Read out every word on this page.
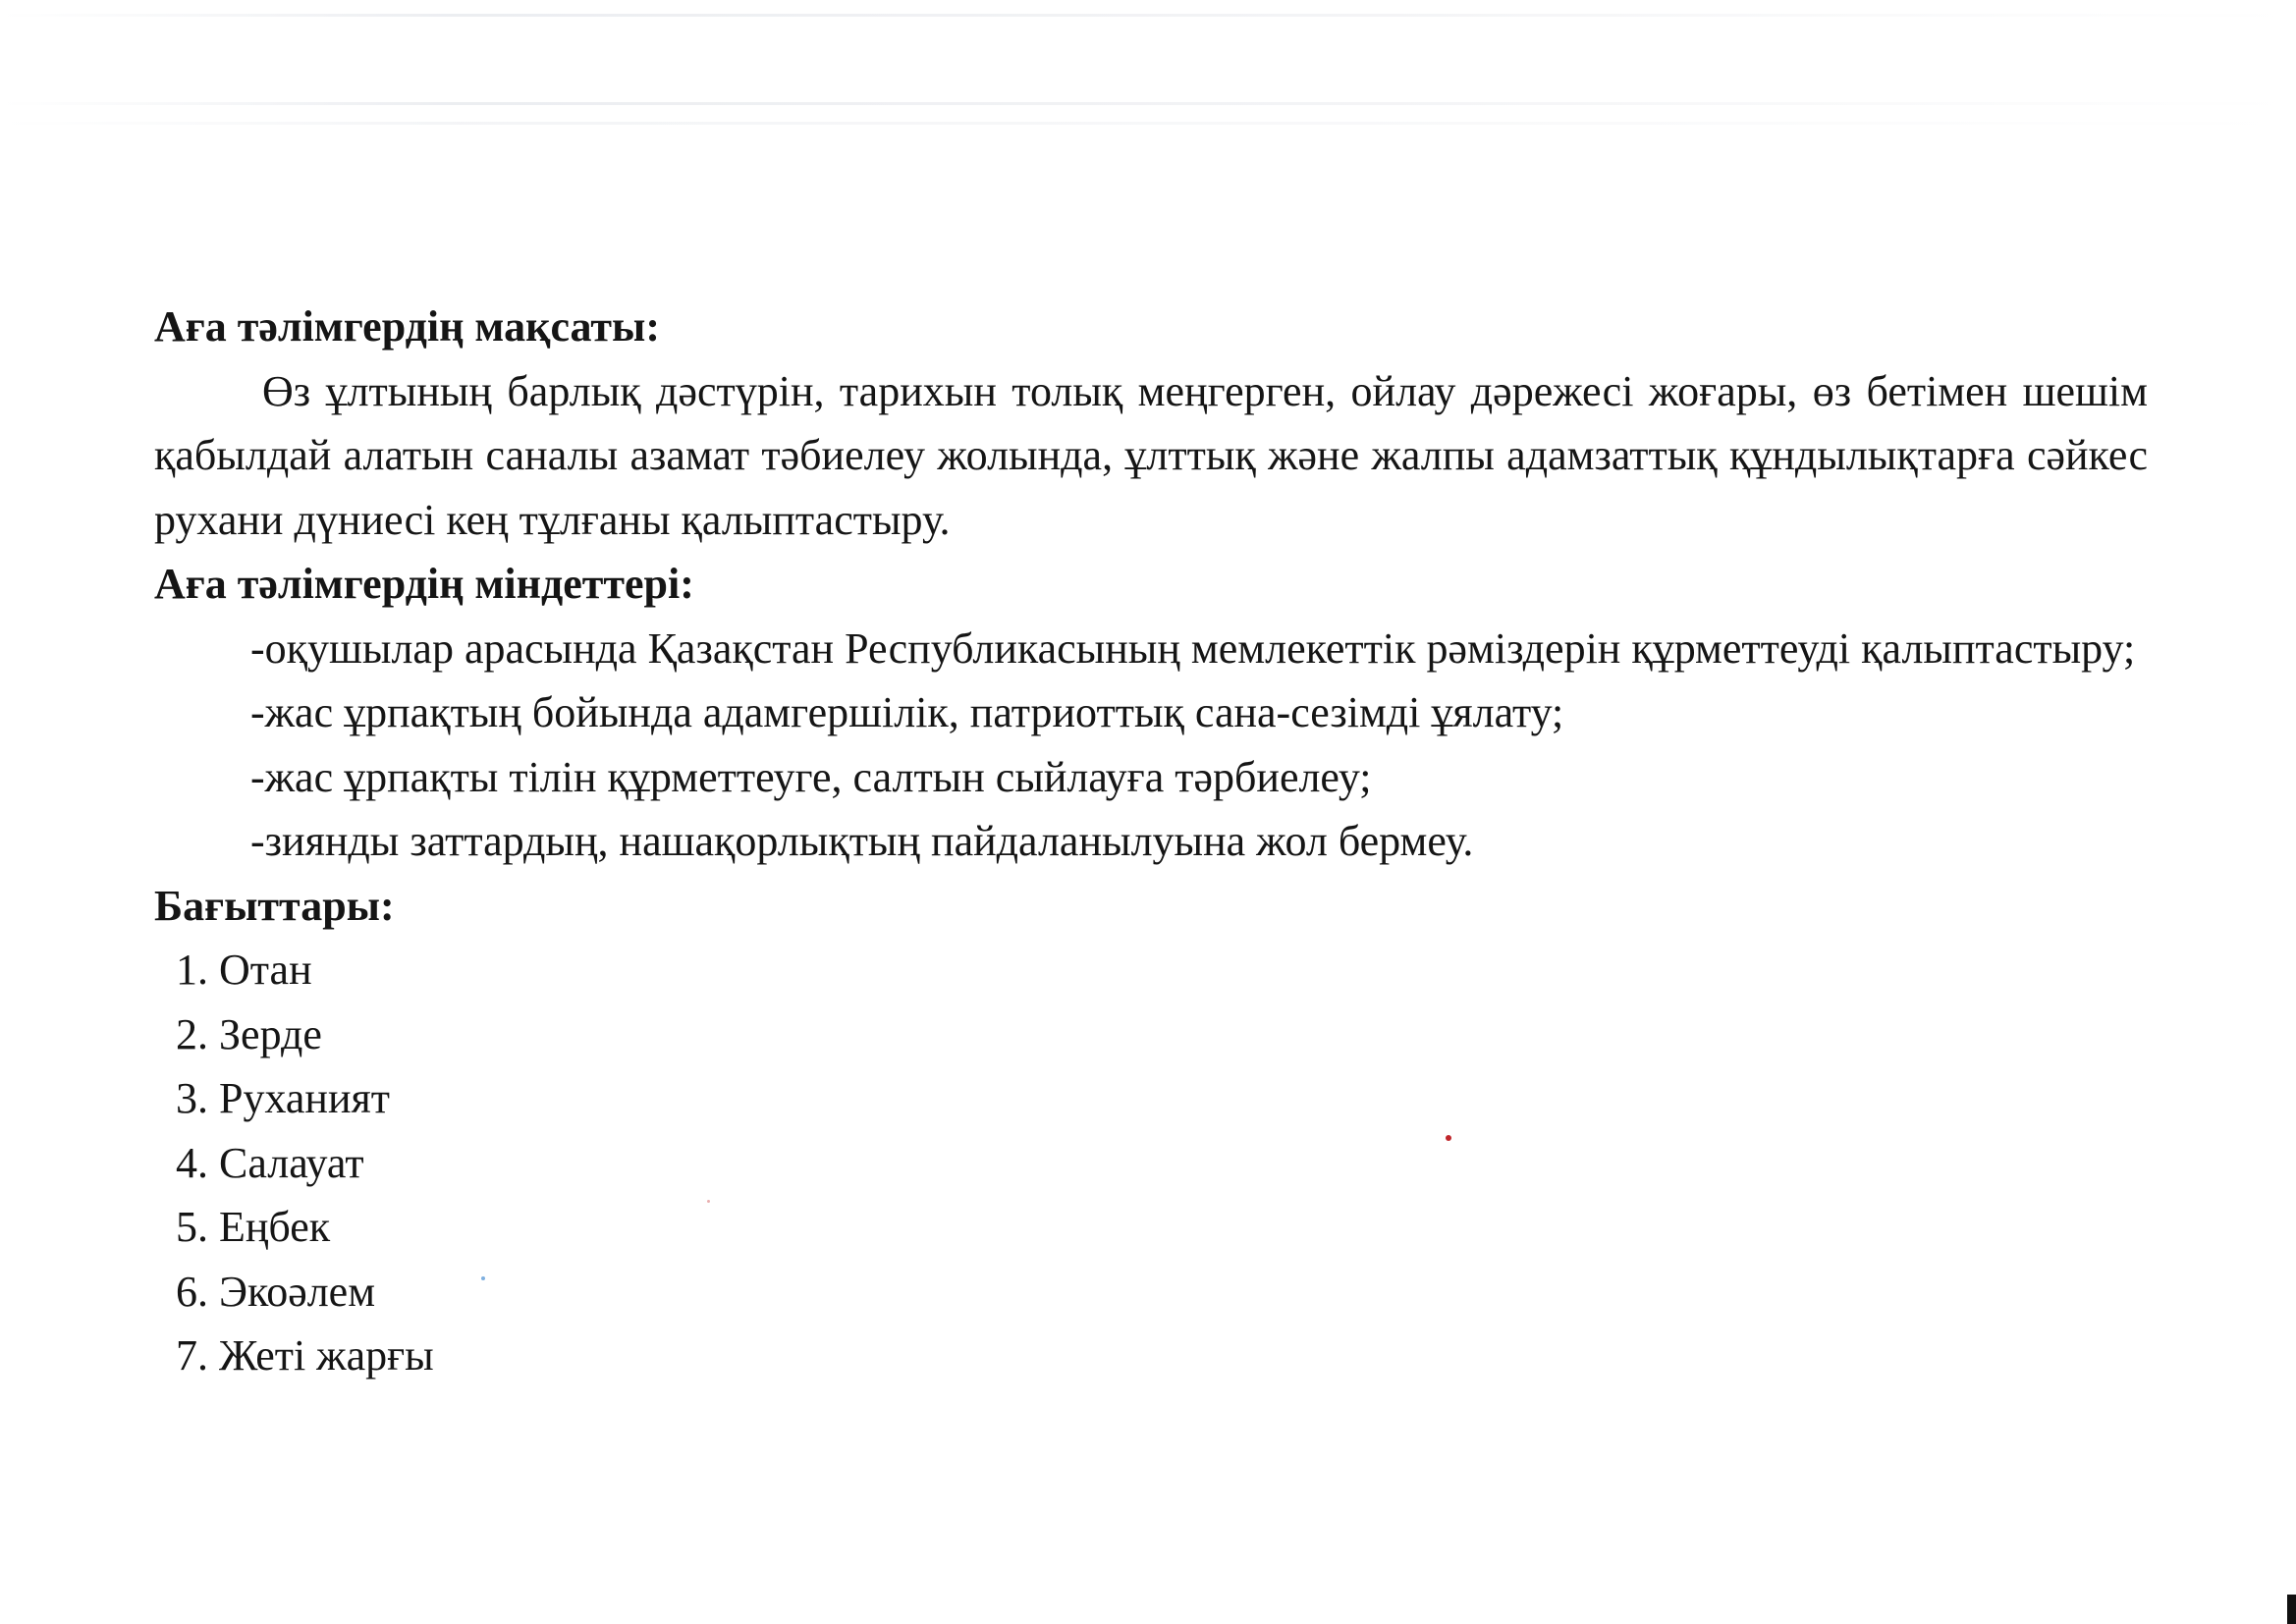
Аға тәлімгердің мақсаты:

Өз ұлтының барлық дәстүрін, тарихын толық меңгерген, ойлау дәрежесі жоғары, өз бетімен шешім қабылдай алатын саналы азамат тәбиелеу жолында, ұлттық және жалпы адамзаттық құндылықтарға сәйкес рухани дүниесі кең тұлғаны қалыптастыру.

Аға тәлімгердің міндеттері:

-оқушылар арасында Қазақстан Республикасының мемлекеттік рәміздерін құрметтеуді қалыптастыру;

-жас ұрпақтың бойында адамгершілік, патриоттық сана-сезімді ұялату;

-жас ұрпақты тілін құрметтеуге, салтын сыйлауға тәрбиелеу;

-зиянды заттардың, нашақорлықтың пайдаланылуына жол бермеу.

Бағыттары:

1. Отан
2. Зерде
3. Руханият
4. Салауат
5. Еңбек
6. Экоәлем
7. Жеті жарғы
